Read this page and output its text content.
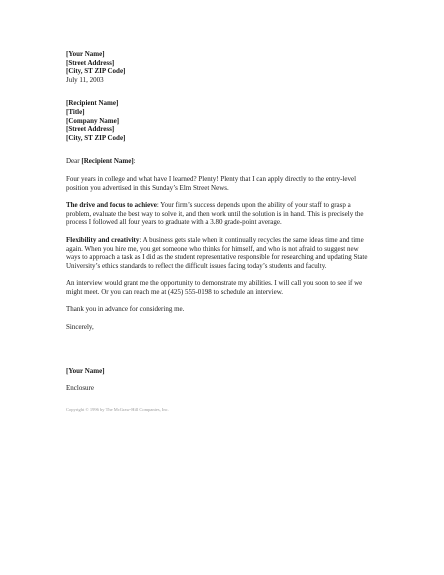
[Your Name]
[Street Address]
[City, ST ZIP Code]
July 11, 2003
[Recipient Name]
[Title]
[Company Name]
[Street Address]
[City, ST ZIP Code]
Dear [Recipient Name]:
Four years in college and what have I learned? Plenty! Plenty that I can apply directly to the entry-level
position you advertised in this Sunday’s Elm Street News.
The drive and focus to achieve: Your firm’s success depends upon the ability of your staff to grasp a
problem, evaluate the best way to solve it, and then work until the solution is in hand. This is precisely the
process I followed all four years to graduate with a 3.80 grade-point average.
Flexibility and creativity: A business gets stale when it continually recycles the same ideas time and time
again. When you hire me, you get someone who thinks for himself, and who is not afraid to suggest new
ways to approach a task as I did as the student representative responsible for researching and updating State
University’s ethics standards to reflect the difficult issues facing today’s students and faculty.
An interview would grant me the opportunity to demonstrate my abilities. I will call you soon to see if we
might meet. Or you can reach me at (425) 555-0198 to schedule an interview.
Thank you in advance for considering me.
Sincerely,
[Your Name]
Enclosure
Copyright © 1996 by The McGraw-Hill Companies, Inc.
